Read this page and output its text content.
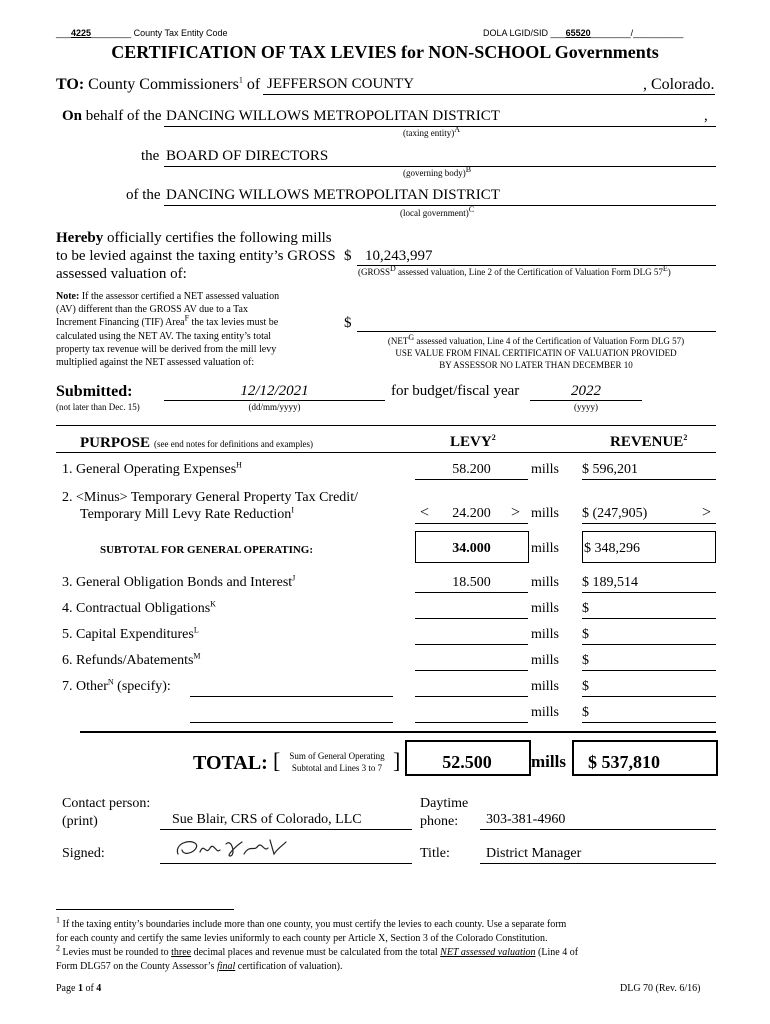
___4225________ County Tax Entity Code	DOLA LGID/SID ___65520________/__________
CERTIFICATION OF TAX LEVIES for NON-SCHOOL Governments
TO: County Commissioners$^1$ of JEFFERSON COUNTY	, Colorado.
On behalf of the DANCING WILLOWS METROPOLITAN DISTRICT	,
(taxing entity)$^A$
the BOARD OF DIRECTORS
(governing body)$^B$
of the DANCING WILLOWS METROPOLITAN DISTRICT
(local government)$^C$
Hereby officially certifies the following mills
to be levied against the taxing entity’s GROSS
assessed valuation of:
$ 10,243,997
($GROSS^D$ assessed valuation, Line 2 of the Certification of Valuation Form DLG $57^E$)
Note: If the assessor certified a NET assessed valuation
(AV) different than the GROSS AV due to a Tax
Increment Financing (TIF) Area$^F$ the tax levies must be
calculated using the NET AV. The taxing entity’s total
property tax revenue will be derived from the mill levy
multiplied against the NET assessed valuation of:
$
($NET^G$ assessed valuation, Line 4 of the Certification of Valuation Form DLG 57)
USE VALUE FROM FINAL CERTIFICATIN OF VALUATION PROVIDED
BY ASSESSOR NO LATER THAN DECEMBER 10
Submitted:
(not later than Dec. 15)
12/12/2021
(dd/mm/yyyy)
for budget/fiscal year	2022
(yyyy)
PURPOSE (see end notes for definitions and examples)	LEVY$^2$	REVENUE$^2$
1. General Operating Expenses$^H$	58.200	mills $ 596,201
2. <Minus> Temporary General Property Tax Credit/
Temporary Mill Levy Rate Reduction$^I$	<	24.200	> mills $ (247,905)	>
SUBTOTAL FOR GENERAL OPERATING:	34.000	mills $ 348,296
3. General Obligation Bonds and Interest$^J$	18.500	mills $ 189,514
4. Contractual Obligations$^K$	mills $
5. Capital Expenditures$^L$	mills $
6. Refunds/Abatements$^M$	mills $
7. Other$^N$ (specify):	mills $
mills $
TOTAL: [	Sum of General Operating
Subtotal and Lines 3 to 7 ]	52.500	mills $ 537,810
Contact person:
(print)	Sue Blair, CRS of Colorado, LLC
Daytime
phone:	303-381-4960
Signed:	Title:	District Manager
$^1$ If the taxing entity’s boundaries include more than one county, you must certify the levies to each county. Use a separate form
for each county and certify the same levies uniformly to each county per Article X, Section 3 of the Colorado Constitution.
$^2$ Levies must be rounded to three decimal places and revenue must be calculated from the total NET assessed valuation (Line 4 of
Form DLG57 on the County Assessor’s final certification of valuation).
Page 1 of 4	DLG 70 (Rev. 6/16)
